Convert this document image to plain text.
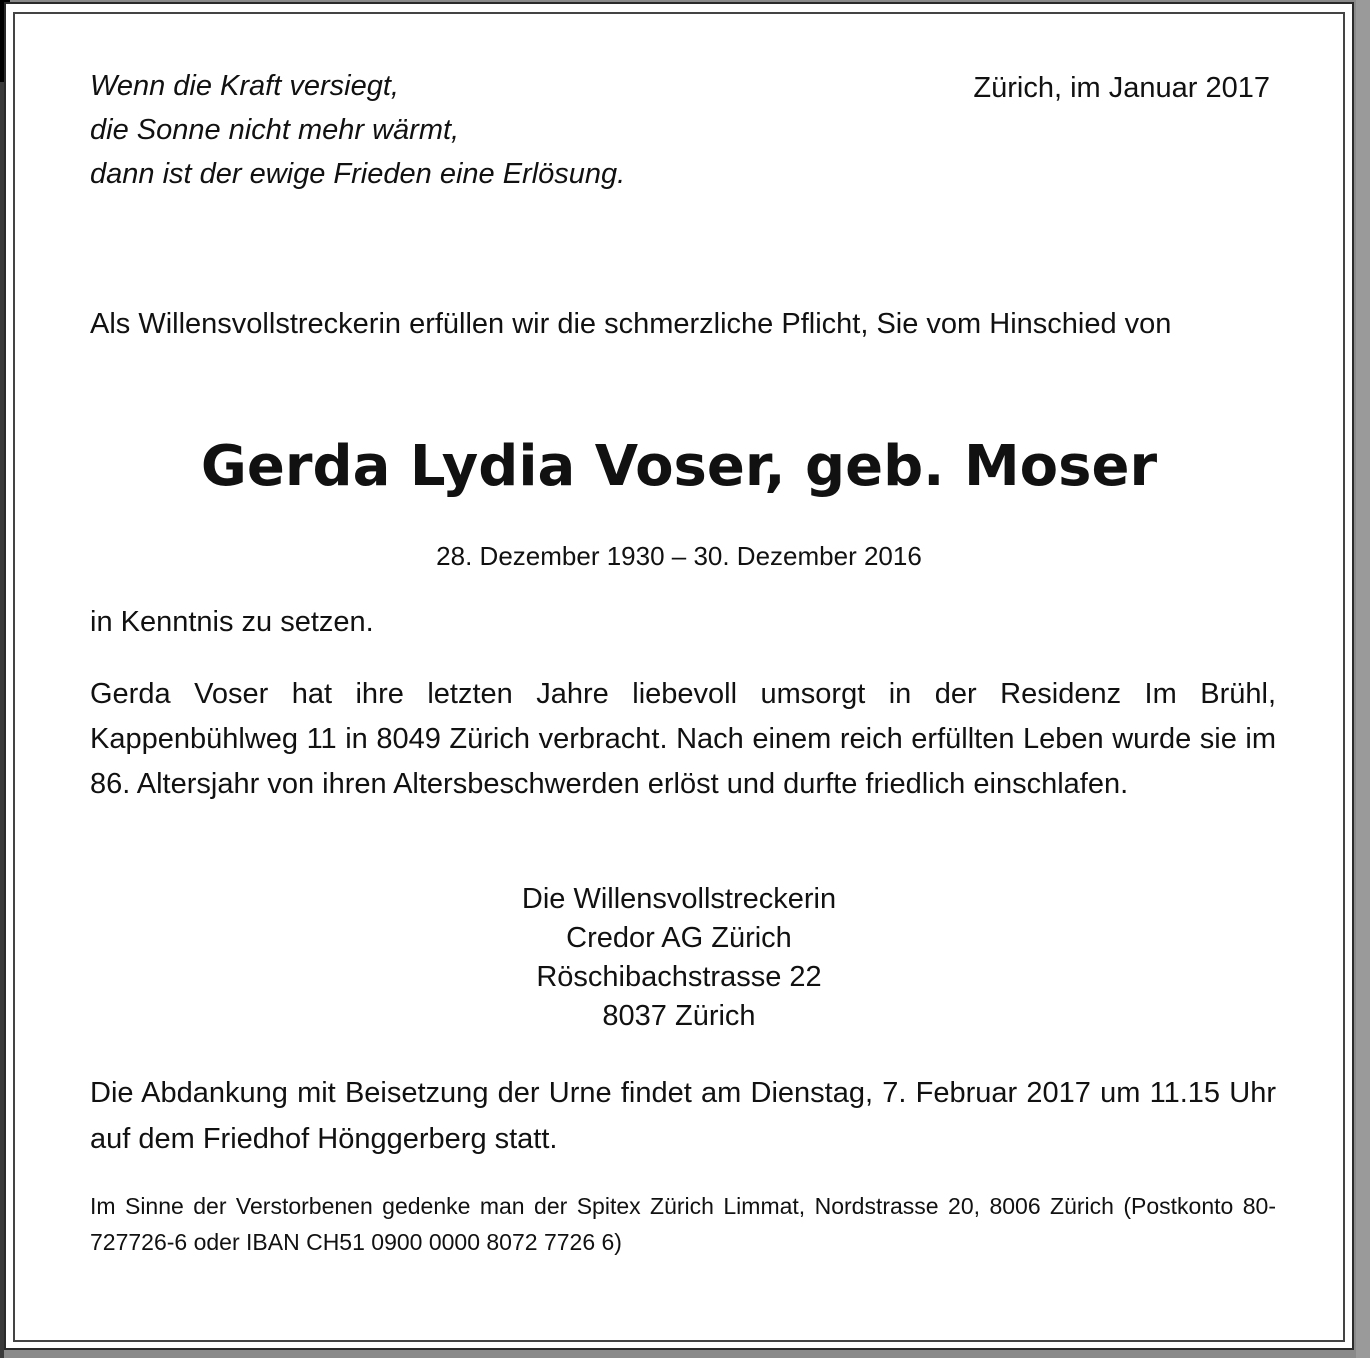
Wenn die Kraft versiegt,
die Sonne nicht mehr wärmt,
dann ist der ewige Frieden eine Erlösung.
Zürich, im Januar 2017
Als Willensvollstreckerin erfüllen wir die schmerzliche Pflicht, Sie vom Hinschied von
Gerda Lydia Voser, geb. Moser
28. Dezember 1930 – 30. Dezember 2016
in Kenntnis zu setzen.
Gerda Voser hat ihre letzten Jahre liebevoll umsorgt in der Residenz Im Brühl, Kappenbühlweg 11 in 8049 Zürich verbracht. Nach einem reich erfüllten Leben wurde sie im 86. Altersjahr von ihren Altersbeschwerden erlöst und durfte friedlich einschlafen.
Die Willensvollstreckerin
Credor AG Zürich
Röschibachstrasse 22
8037 Zürich
Die Abdankung mit Beisetzung der Urne findet am Dienstag, 7. Februar 2017 um 11.15 Uhr auf dem Friedhof Hönggerberg statt.
Im Sinne der Verstorbenen gedenke man der Spitex Zürich Limmat, Nordstrasse 20, 8006 Zürich (Postkonto 80-727726-6 oder IBAN CH51 0900 0000 8072 7726 6)
